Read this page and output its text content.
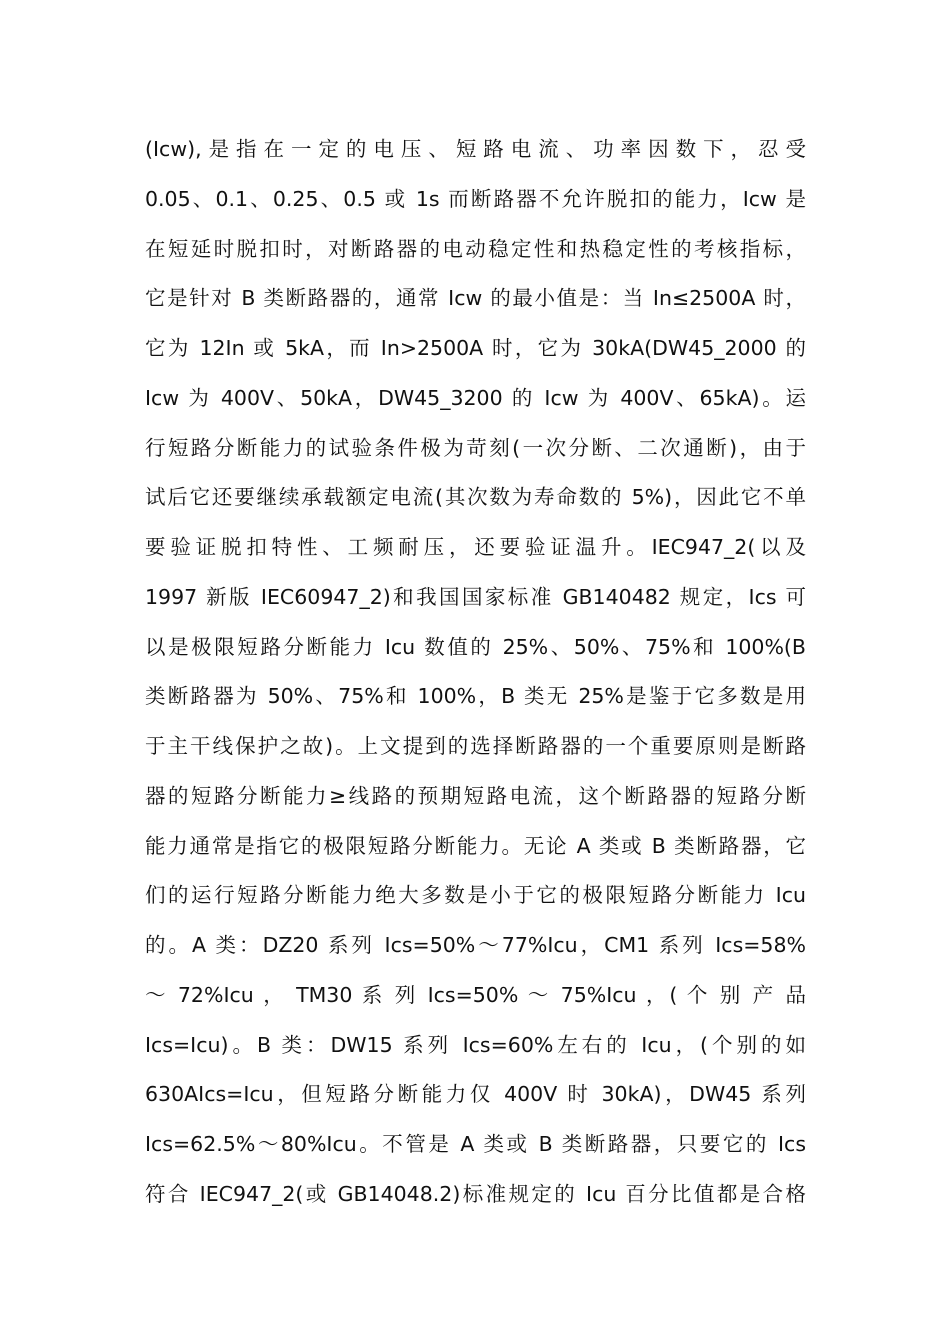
(Icw),是指在一定的电压、短路电流、功率因数下，忍受
0.05、0.1、0.25、0.5 或 1s 而断路器不允许脱扣的能力，Icw 是
在短延时脱扣时，对断路器的电动稳定性和热稳定性的考核指标，
它是针对 B 类断路器的，通常 Icw 的最小值是：当 In≤2500A 时，
它为 12In 或 5kA，而 In>2500A 时，它为 30kA(DW45_2000 的
Icw 为 400V、50kA，DW45_3200 的 Icw 为 400V、65kA)。运
行短路分断能力的试验条件极为苛刻(一次分断、二次通断)，由于
试后它还要继续承载额定电流(其次数为寿命数的 5%)，因此它不单
要验证脱扣特性、工频耐压，还要验证温升。IEC947_2(以及
1997 新版 IEC60947_2)和我国国家标准 GB140482 规定，Ics 可
以是极限短路分断能力 Icu 数值的 25%、50%、75%和 100%(B
类断路器为 50%、75%和 100%，B 类无 25%是鉴于它多数是用
于主干线保护之故)。上文提到的选择断路器的一个重要原则是断路
器的短路分断能力≥线路的预期短路电流，这个断路器的短路分断
能力通常是指它的极限短路分断能力。无论 A 类或 B 类断路器，它
们的运行短路分断能力绝大多数是小于它的极限短路分断能力 Icu
的。A 类：DZ20 系列 Ics=50%～77%Icu，CM1 系列 Ics=58%
～ 72%Icu ， TM30 系 列 Ics=50% ～ 75%Icu ，( 个 别 产 品
Ics=Icu)。B 类：DW15 系列 Ics=60%左右的 Icu，(个别的如
630AIcs=Icu，但短路分断能力仅 400V 时 30kA)，DW45 系列
Ics=62.5%～80%Icu。不管是 A 类或 B 类断路器，只要它的 Ics
符合 IEC947_2(或 GB14048.2)标准规定的 Icu 百分比值都是合格
